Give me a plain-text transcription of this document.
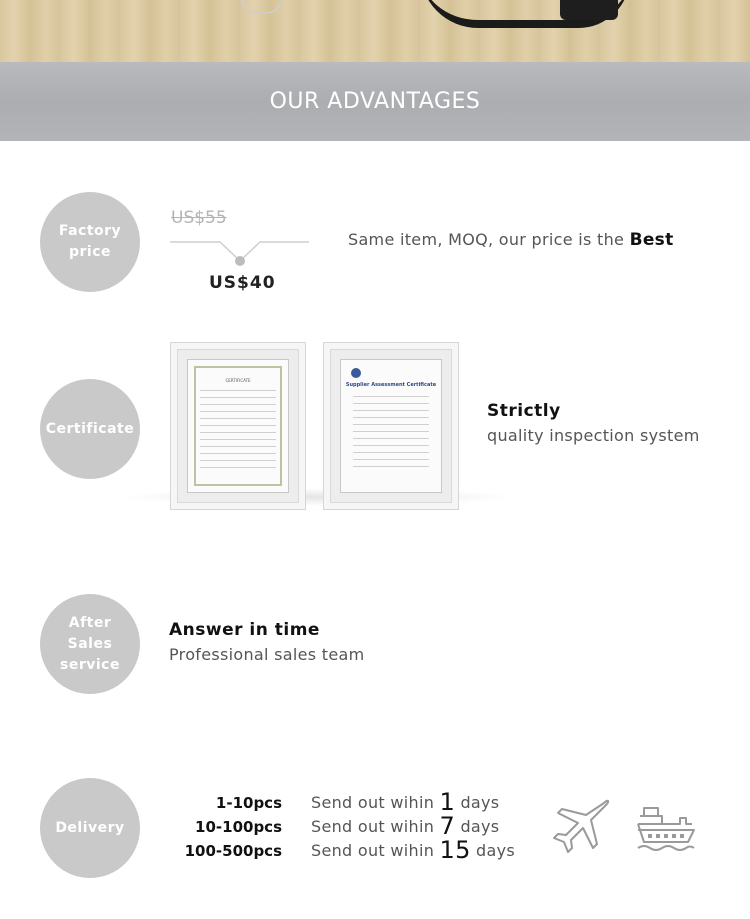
OUR ADVANTAGES
Factory price
US$55
US$40
Same item, MOQ, our price is the Best
Certificate
CERTIFICATE
Supplier Assessment Certificate
Strictly
quality inspection system
After Sales service
Answer in time
Professional sales team
Delivery
1-10pcs Send out wihin 1 days
10-100pcs Send out wihin 7 days
100-500pcs Send out wihin 15 days
